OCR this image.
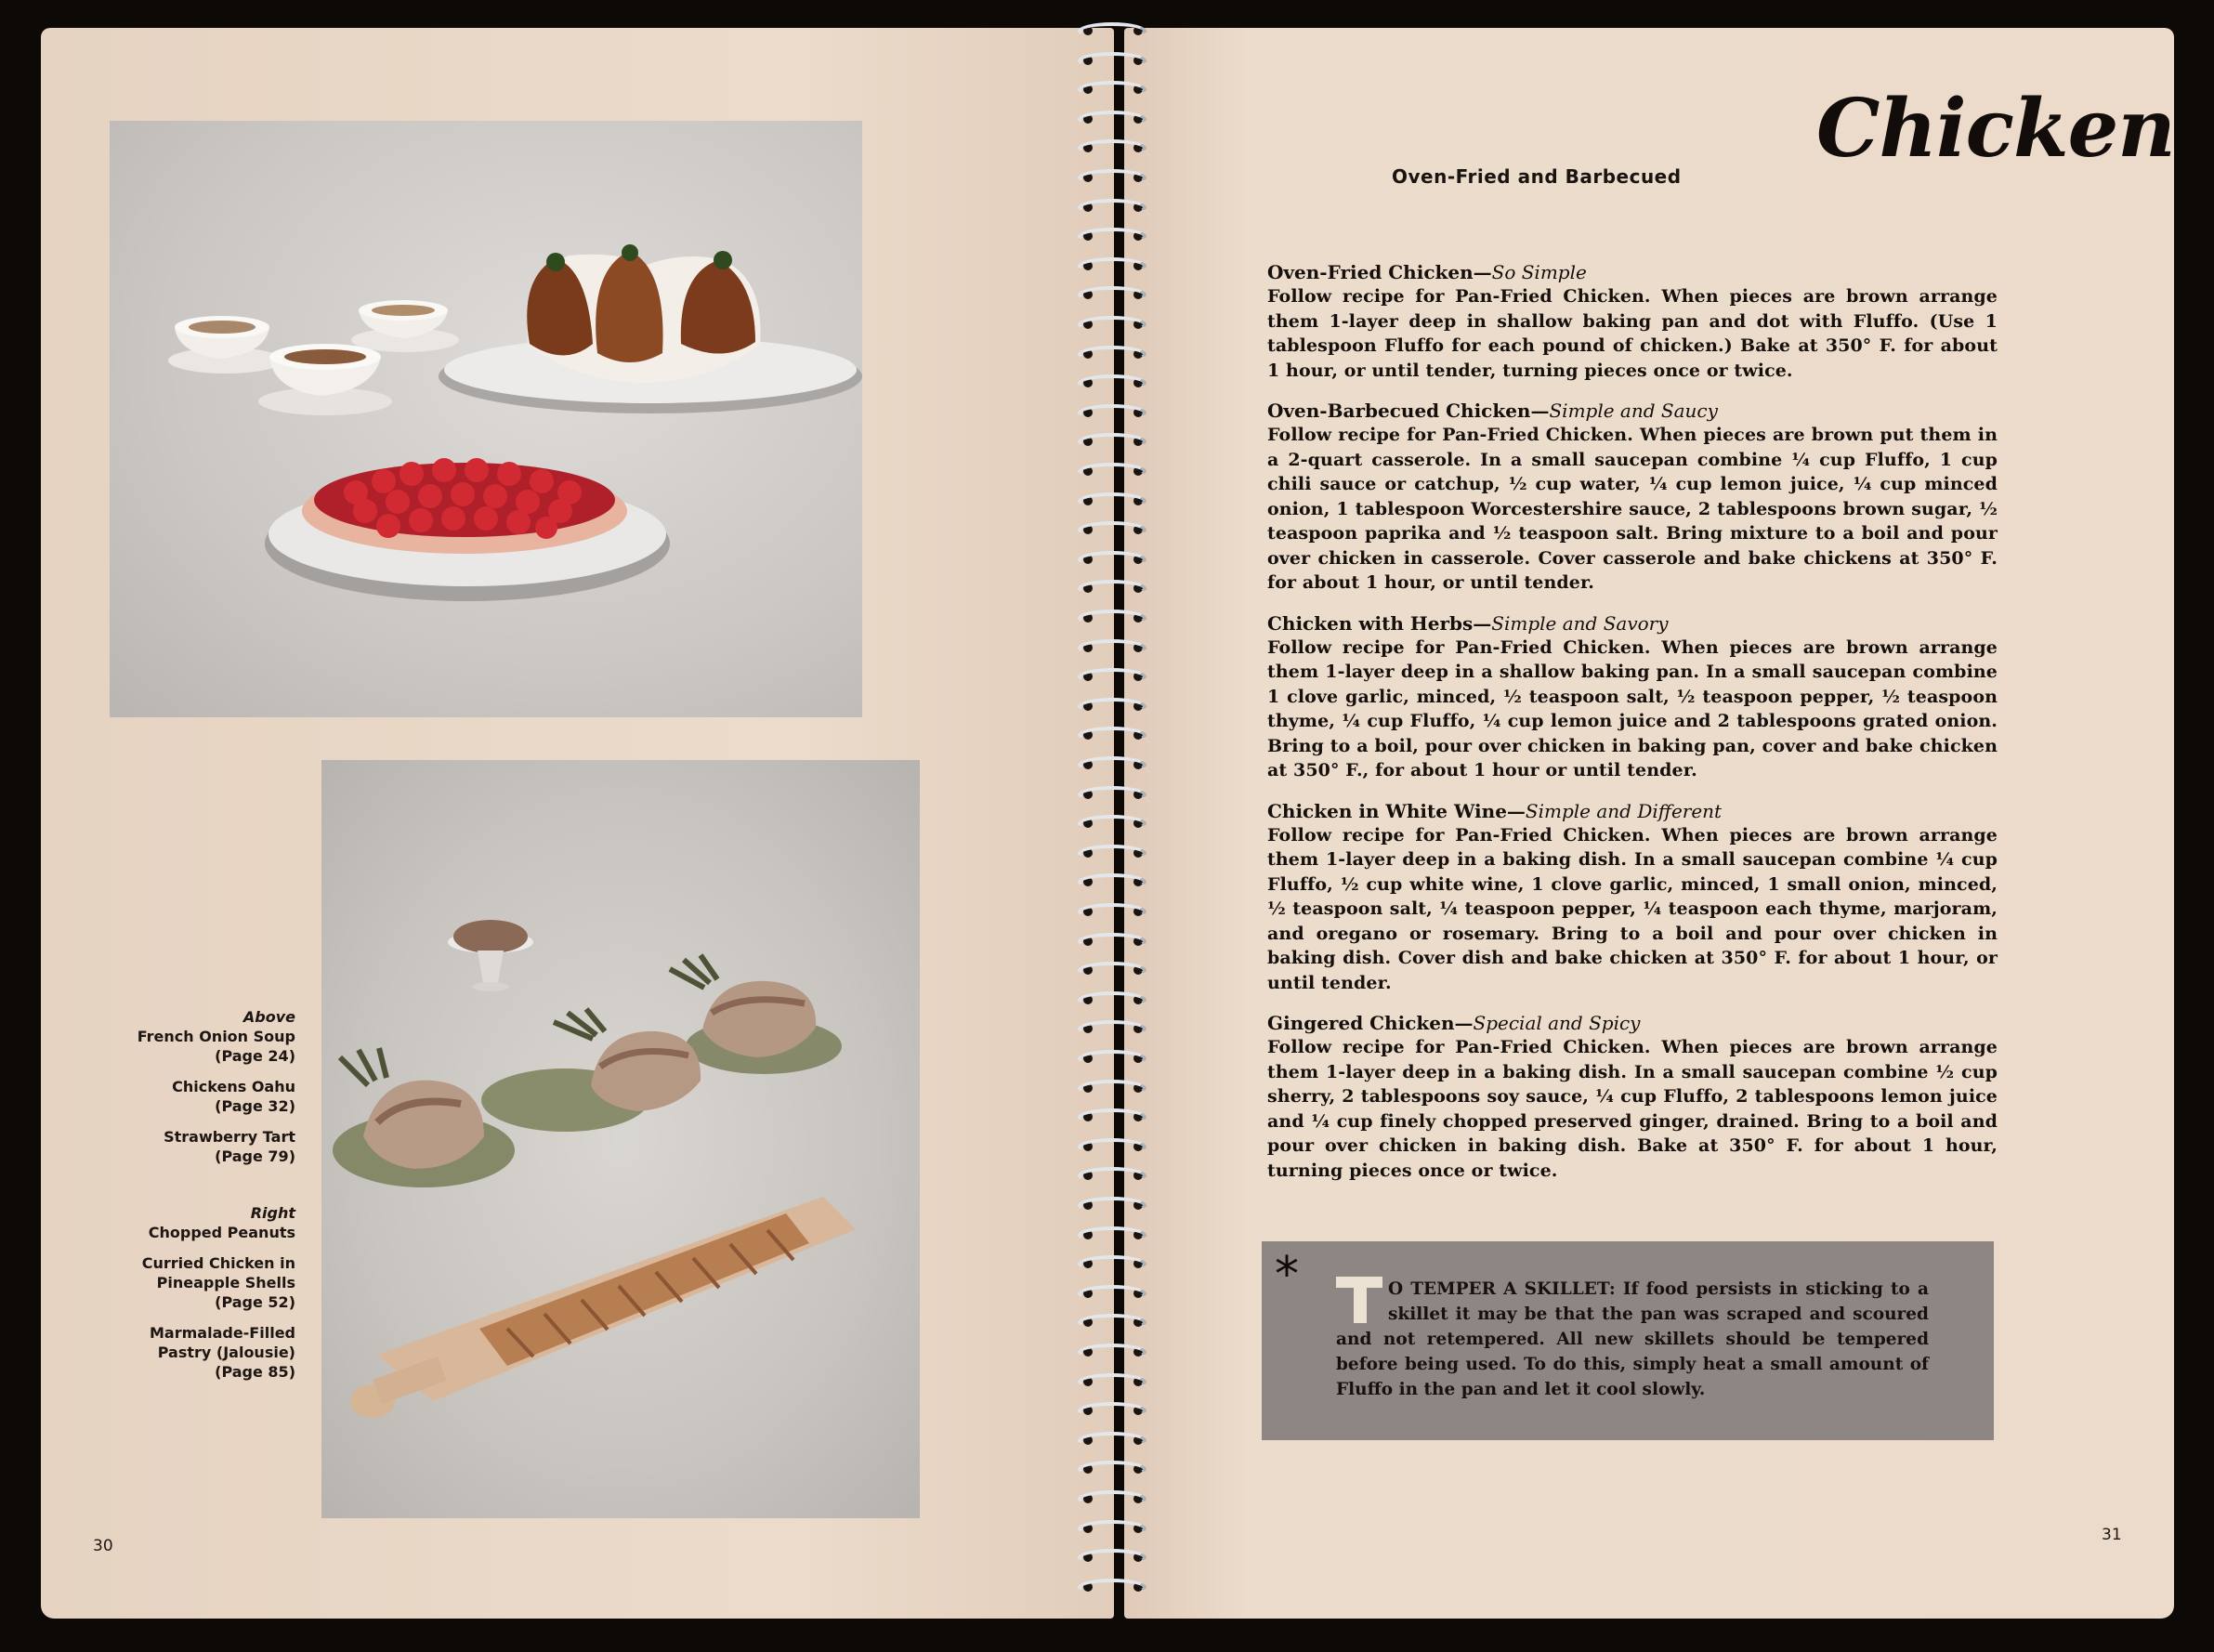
Above
French Onion Soup
(Page 24)
Chickens Oahu
(Page 32)
Strawberry Tart
(Page 79)
Right
Chopped Peanuts
Curried Chicken in
Pineapple Shells
(Page 52)
Marmalade-Filled
Pastry (Jalousie)
(Page 85)
30
Oven-Fried and Barbecued
Chicken
Oven-Fried Chicken—So Simple
Follow recipe for Pan-Fried Chicken. When pieces are brown arrange them 1-layer deep in shallow baking pan and dot with Fluffo. (Use 1 tablespoon Fluffo for each pound of chicken.) Bake at 350° F. for about 1 hour, or until tender, turning pieces once or twice.
Oven-Barbecued Chicken—Simple and Saucy
Follow recipe for Pan-Fried Chicken. When pieces are brown put them in a 2-quart casserole. In a small saucepan combine ¼ cup Fluffo, 1 cup chili sauce or catchup, ½ cup water, ¼ cup lemon juice, ¼ cup minced onion, 1 tablespoon Worcestershire sauce, 2 tablespoons brown sugar, ½ teaspoon paprika and ½ teaspoon salt. Bring mixture to a boil and pour over chicken in casserole. Cover casserole and bake chickens at 350° F. for about 1 hour, or until tender.
Chicken with Herbs—Simple and Savory
Follow recipe for Pan-Fried Chicken. When pieces are brown arrange them 1-layer deep in a shallow baking pan. In a small saucepan combine 1 clove garlic, minced, ½ teaspoon salt, ½ teaspoon pepper, ½ teaspoon thyme, ¼ cup Fluffo, ¼ cup lemon juice and 2 tablespoons grated onion. Bring to a boil, pour over chicken in baking pan, cover and bake chicken at 350° F., for about 1 hour or until tender.
Chicken in White Wine—Simple and Different
Follow recipe for Pan-Fried Chicken. When pieces are brown arrange them 1-layer deep in a baking dish. In a small saucepan combine ¼ cup Fluffo, ½ cup white wine, 1 clove garlic, minced, 1 small onion, minced, ½ teaspoon salt, ¼ teaspoon pepper, ¼ teaspoon each thyme, marjoram, and oregano or rosemary. Bring to a boil and pour over chicken in baking dish. Cover dish and bake chicken at 350° F. for about 1 hour, or until tender.
Gingered Chicken—Special and Spicy
Follow recipe for Pan-Fried Chicken. When pieces are brown arrange them 1-layer deep in a baking dish. In a small saucepan combine ½ cup sherry, 2 tablespoons soy sauce, ¼ cup Fluffo, 2 tablespoons lemon juice and ¼ cup finely chopped preserved ginger, drained. Bring to a boil and pour over chicken in baking dish. Bake at 350° F. for about 1 hour, turning pieces once or twice.
*	O TEMPER A SKILLET: If food persists in sticking to a skillet it may be that the pan was scraped and scoured and not retempered. All new skillets should be tempered before being used. To do this, simply heat a small amount of Fluffo in the pan and let it cool slowly.
31
